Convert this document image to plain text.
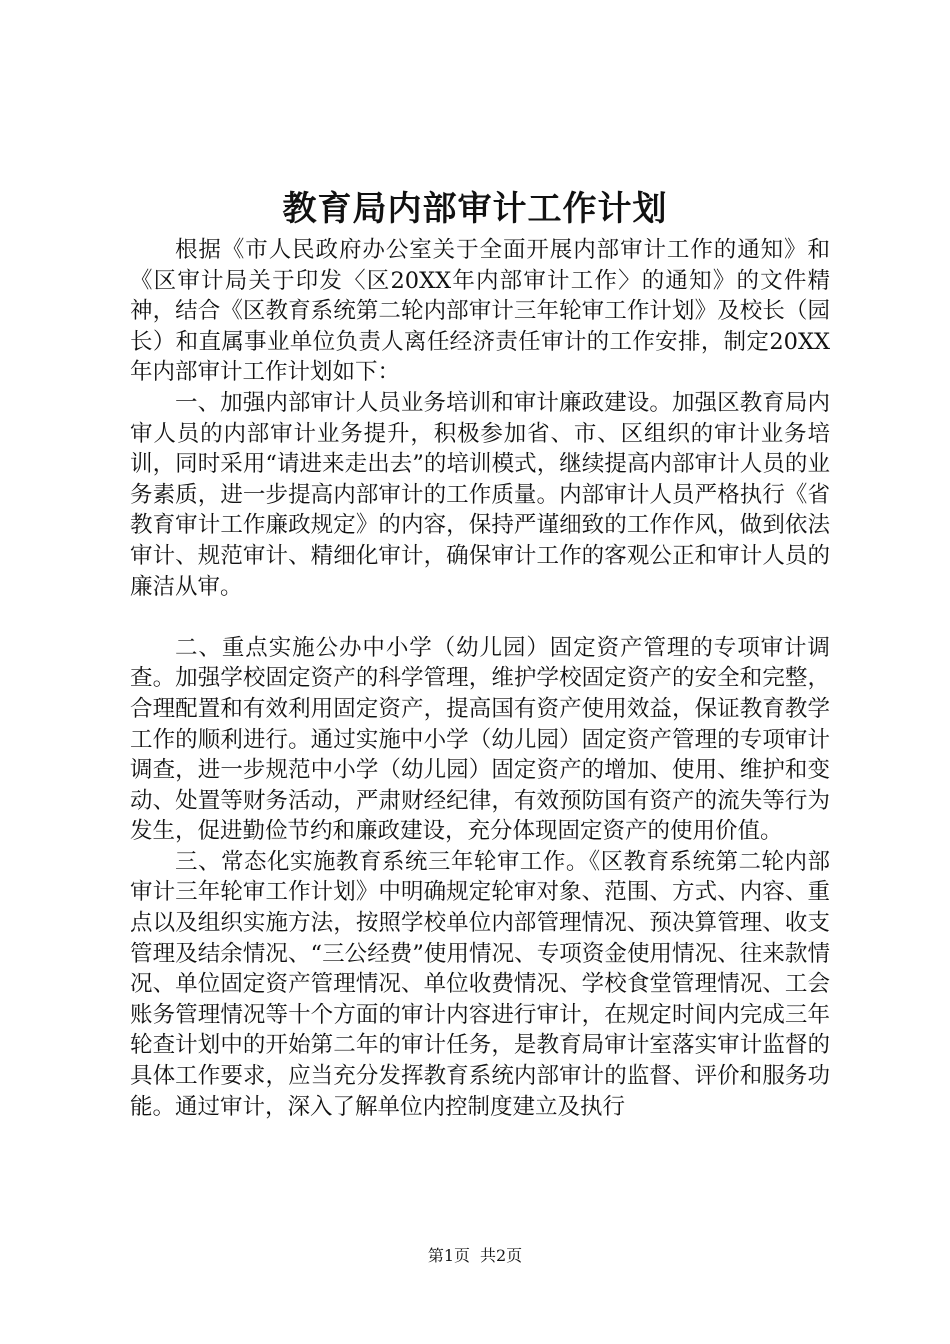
教育局内部审计工作计划

根据《市人民政府办公室关于全面开展内部审计工作的通知》和《区审计局关于印发〈区20XX年内部审计工作〉的通知》的文件精神，结合《区教育系统第二轮内部审计三年轮审工作计划》及校长（园长）和直属事业单位负责人离任经济责任审计的工作安排，制定20XX年内部审计工作计划如下：

一、加强内部审计人员业务培训和审计廉政建设。加强区教育局内审人员的内部审计业务提升，积极参加省、市、区组织的审计业务培训，同时采用“请进来走出去”的培训模式，继续提高内部审计人员的业务素质，进一步提高内部审计的工作质量。内部审计人员严格执行《省教育审计工作廉政规定》的内容，保持严谨细致的工作作风，做到依法审计、规范审计、精细化审计，确保审计工作的客观公正和审计人员的廉洁从审。

二、重点实施公办中小学（幼儿园）固定资产管理的专项审计调查。加强学校固定资产的科学管理，维护学校固定资产的安全和完整，合理配置和有效利用固定资产，提高国有资产使用效益，保证教育教学工作的顺利进行。通过实施中小学（幼儿园）固定资产管理的专项审计调查，进一步规范中小学（幼儿园）固定资产的增加、使用、维护和变动、处置等财务活动，严肃财经纪律，有效预防国有资产的流失等行为发生，促进勤俭节约和廉政建设，充分体现固定资产的使用价值。

三、常态化实施教育系统三年轮审工作。《区教育系统第二轮内部审计三年轮审工作计划》中明确规定轮审对象、范围、方式、内容、重点以及组织实施方法，按照学校单位内部管理情况、预决算管理、收支管理及结余情况、“三公经费”使用情况、专项资金使用情况、往来款情况、单位固定资产管理情况、单位收费情况、学校食堂管理情况、工会账务管理情况等十个方面的审计内容进行审计，在规定时间内完成三年轮查计划中的开始第二年的审计任务，是教育局审计室落实审计监督的具体工作要求，应当充分发挥教育系统内部审计的监督、评价和服务功能。通过审计，深入了解单位内控制度建立及执行

第1页 共2页
